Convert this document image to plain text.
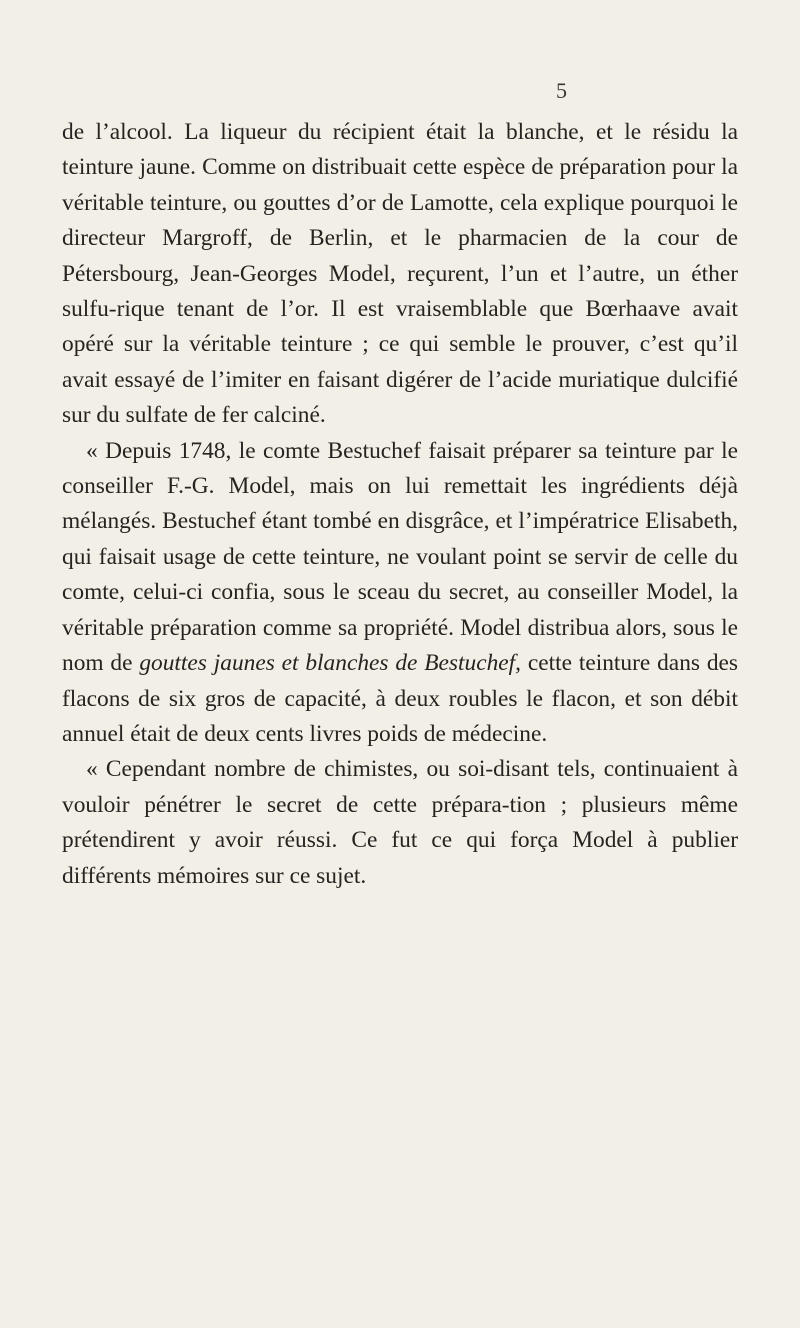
5

de l’alcool. La liqueur du récipient était la blanche, et le résidu la teinture jaune. Comme on distribuait cette espèce de préparation pour la véritable teinture, ou gouttes d’or de Lamotte, cela explique pourquoi le directeur Margroff, de Berlin, et le pharmacien de la cour de Pétersbourg, Jean-Georges Model, reçurent, l’un et l’autre, un éther sulfu-rique tenant de l’or. Il est vraisemblable que Bœrhaave avait opéré sur la véritable teinture ; ce qui semble le prouver, c’est qu’il avait essayé de l’imiter en faisant digérer de l’acide muriatique dulcifié sur du sulfate de fer calciné.

« Depuis 1748, le comte Bestuchef faisait préparer sa teinture par le conseiller F.-G. Model, mais on lui remettait les ingrédients déjà mélangés. Bestuchef étant tombé en disgrâce, et l’impératrice Elisabeth, qui faisait usage de cette teinture, ne voulant point se servir de celle du comte, celui-ci confia, sous le sceau du secret, au conseiller Model, la véritable préparation comme sa propriété. Model distribua alors, sous le nom de gouttes jaunes et blanches de Bestuchef, cette teinture dans des flacons de six gros de capacité, à deux roubles le flacon, et son débit annuel était de deux cents livres poids de médecine.

« Cependant nombre de chimistes, ou soi-disant tels, continuaient à vouloir pénétrer le secret de cette prépara-tion ; plusieurs même prétendirent y avoir réussi. Ce fut ce qui força Model à publier différents mémoires sur ce sujet.
